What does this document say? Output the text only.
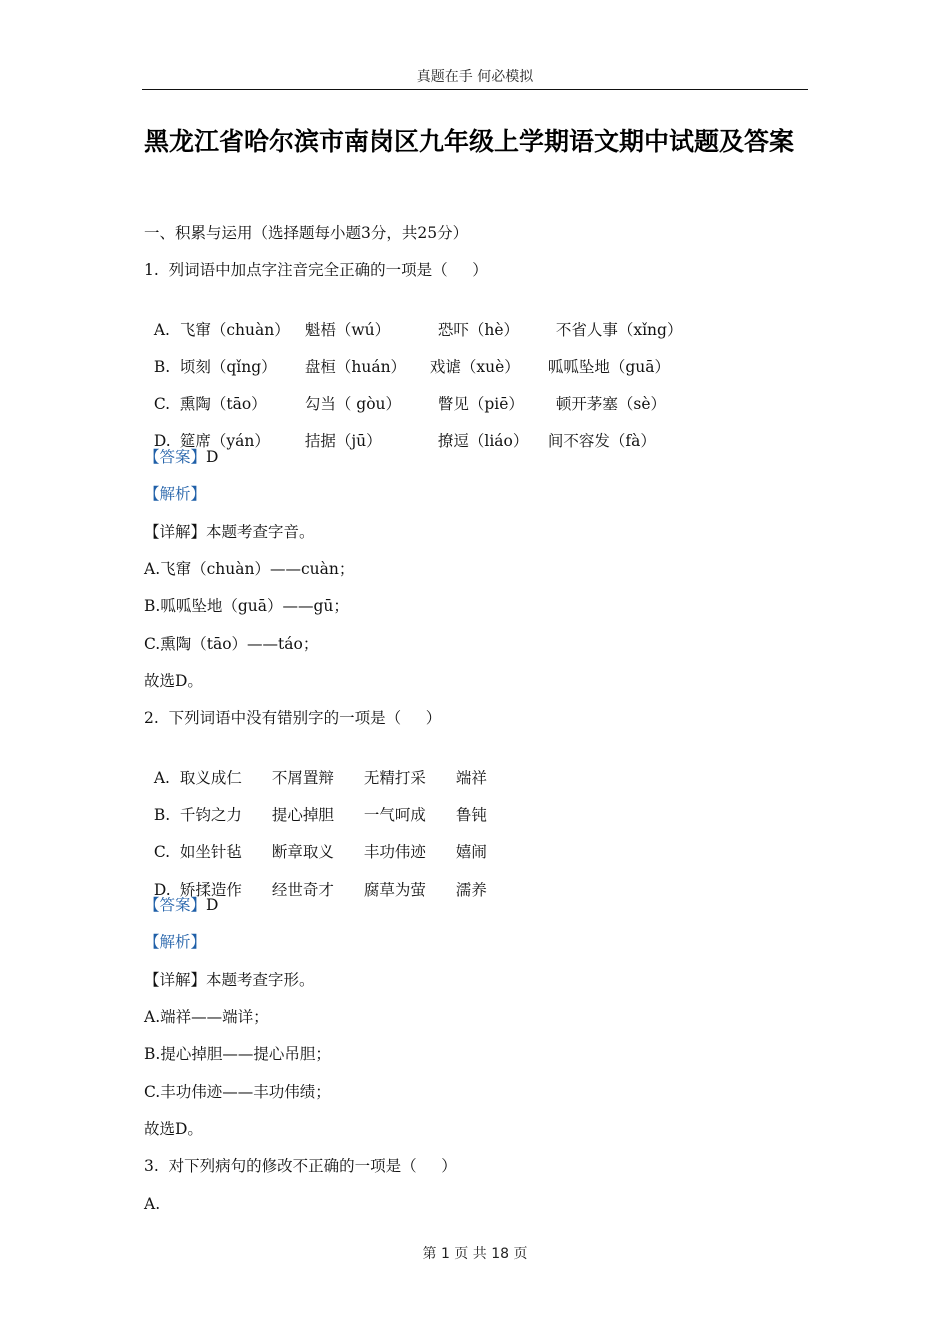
真题在手 何必模拟
黑龙江省哈尔滨市南岗区九年级上学期语文期中试题及答案
一、积累与运用（选择题每小题3分，共25分）
1.  列词语中加点字注音完全正确的一项是（     ）

A. 飞窜（chuàn） 魁梧（wú）	恐吓（hè） 不省人事（xǐng）

B. 顷刻（qǐng） 盘桓（huán） 戏谑（xuè） 呱呱坠地（guā）

C. 熏陶（tāo） 勾当（ gòu） 瞥见（piē） 顿开茅塞（sè）

D. 筵席（yán） 拮据（jū）	撩逗（liáo） 间不容发（fà）

【答案】D
【解析】
【详解】本题考查字音。
A.飞窜（chuàn）——cuàn；
B.呱呱坠地（guā）——gū；
C.熏陶（tāo）——táo；
故选D。
2.  下列词语中没有错别字的一项是（     ）

A. 取义成仁 不屑置辩 无精打采 端祥

B. 千钧之力 提心掉胆 一气呵成 鲁钝

C. 如坐针毡 断章取义 丰功伟迹 嬉闹

D. 矫揉造作 经世奇才 腐草为萤 濡养

【答案】D
【解析】
【详解】本题考查字形。
A.端祥——端详；
B.提心掉胆——提心吊胆；
C.丰功伟迹——丰功伟绩；
故选D。
3.  对下列病句的修改不正确的一项是（     ）
A.
第 1 页 共 18 页
